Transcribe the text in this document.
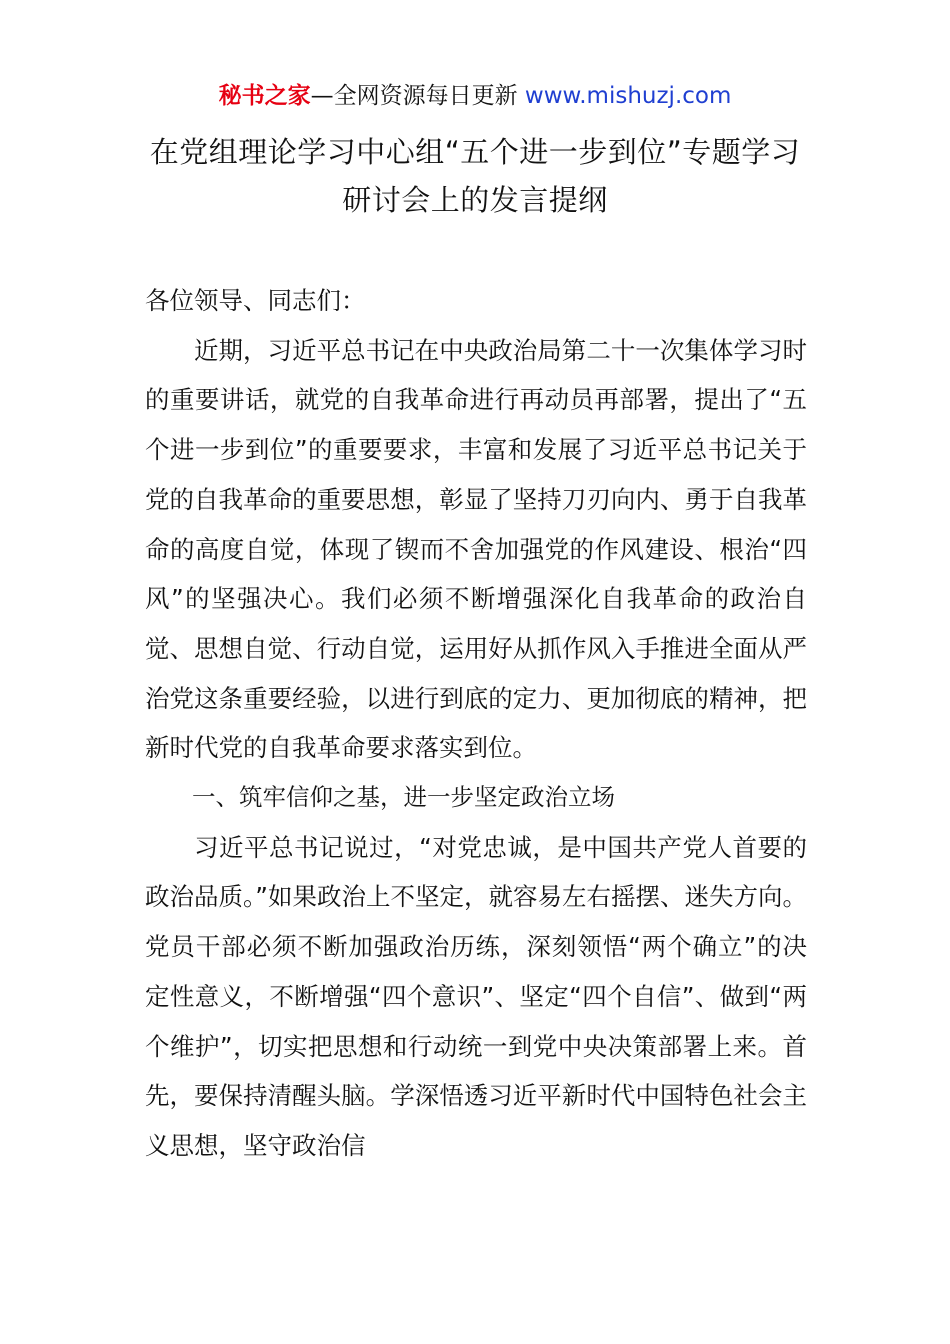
秘书之家—全网资源每日更新 www.mishuzj.com
在党组理论学习中心组“五个进一步到位”专题学习研讨会上的发言提纲

各位领导、同志们：

近期，习近平总书记在中央政治局第二十一次集体学习时的重要讲话，就党的自我革命进行再动员再部署，提出了“五个进一步到位”的重要要求，丰富和发展了习近平总书记关于党的自我革命的重要思想，彰显了坚持刀刃向内、勇于自我革命的高度自觉，体现了锲而不舍加强党的作风建设、根治“四风”的坚强决心。我们必须不断增强深化自我革命的政治自觉、思想自觉、行动自觉，运用好从抓作风入手推进全面从严治党这条重要经验，以进行到底的定力、更加彻底的精神，把新时代党的自我革命要求落实到位。

一、筑牢信仰之基，进一步坚定政治立场

习近平总书记说过，“对党忠诚，是中国共产党人首要的政治品质。”如果政治上不坚定，就容易左右摇摆、迷失方向。党员干部必须不断加强政治历练，深刻领悟“两个确立”的决定性意义，不断增强“四个意识”、坚定“四个自信”、做到“两个维护”，切实把思想和行动统一到党中央决策部署上来。首先，要保持清醒头脑。学深悟透习近平新时代中国特色社会主义思想，坚守政治信
